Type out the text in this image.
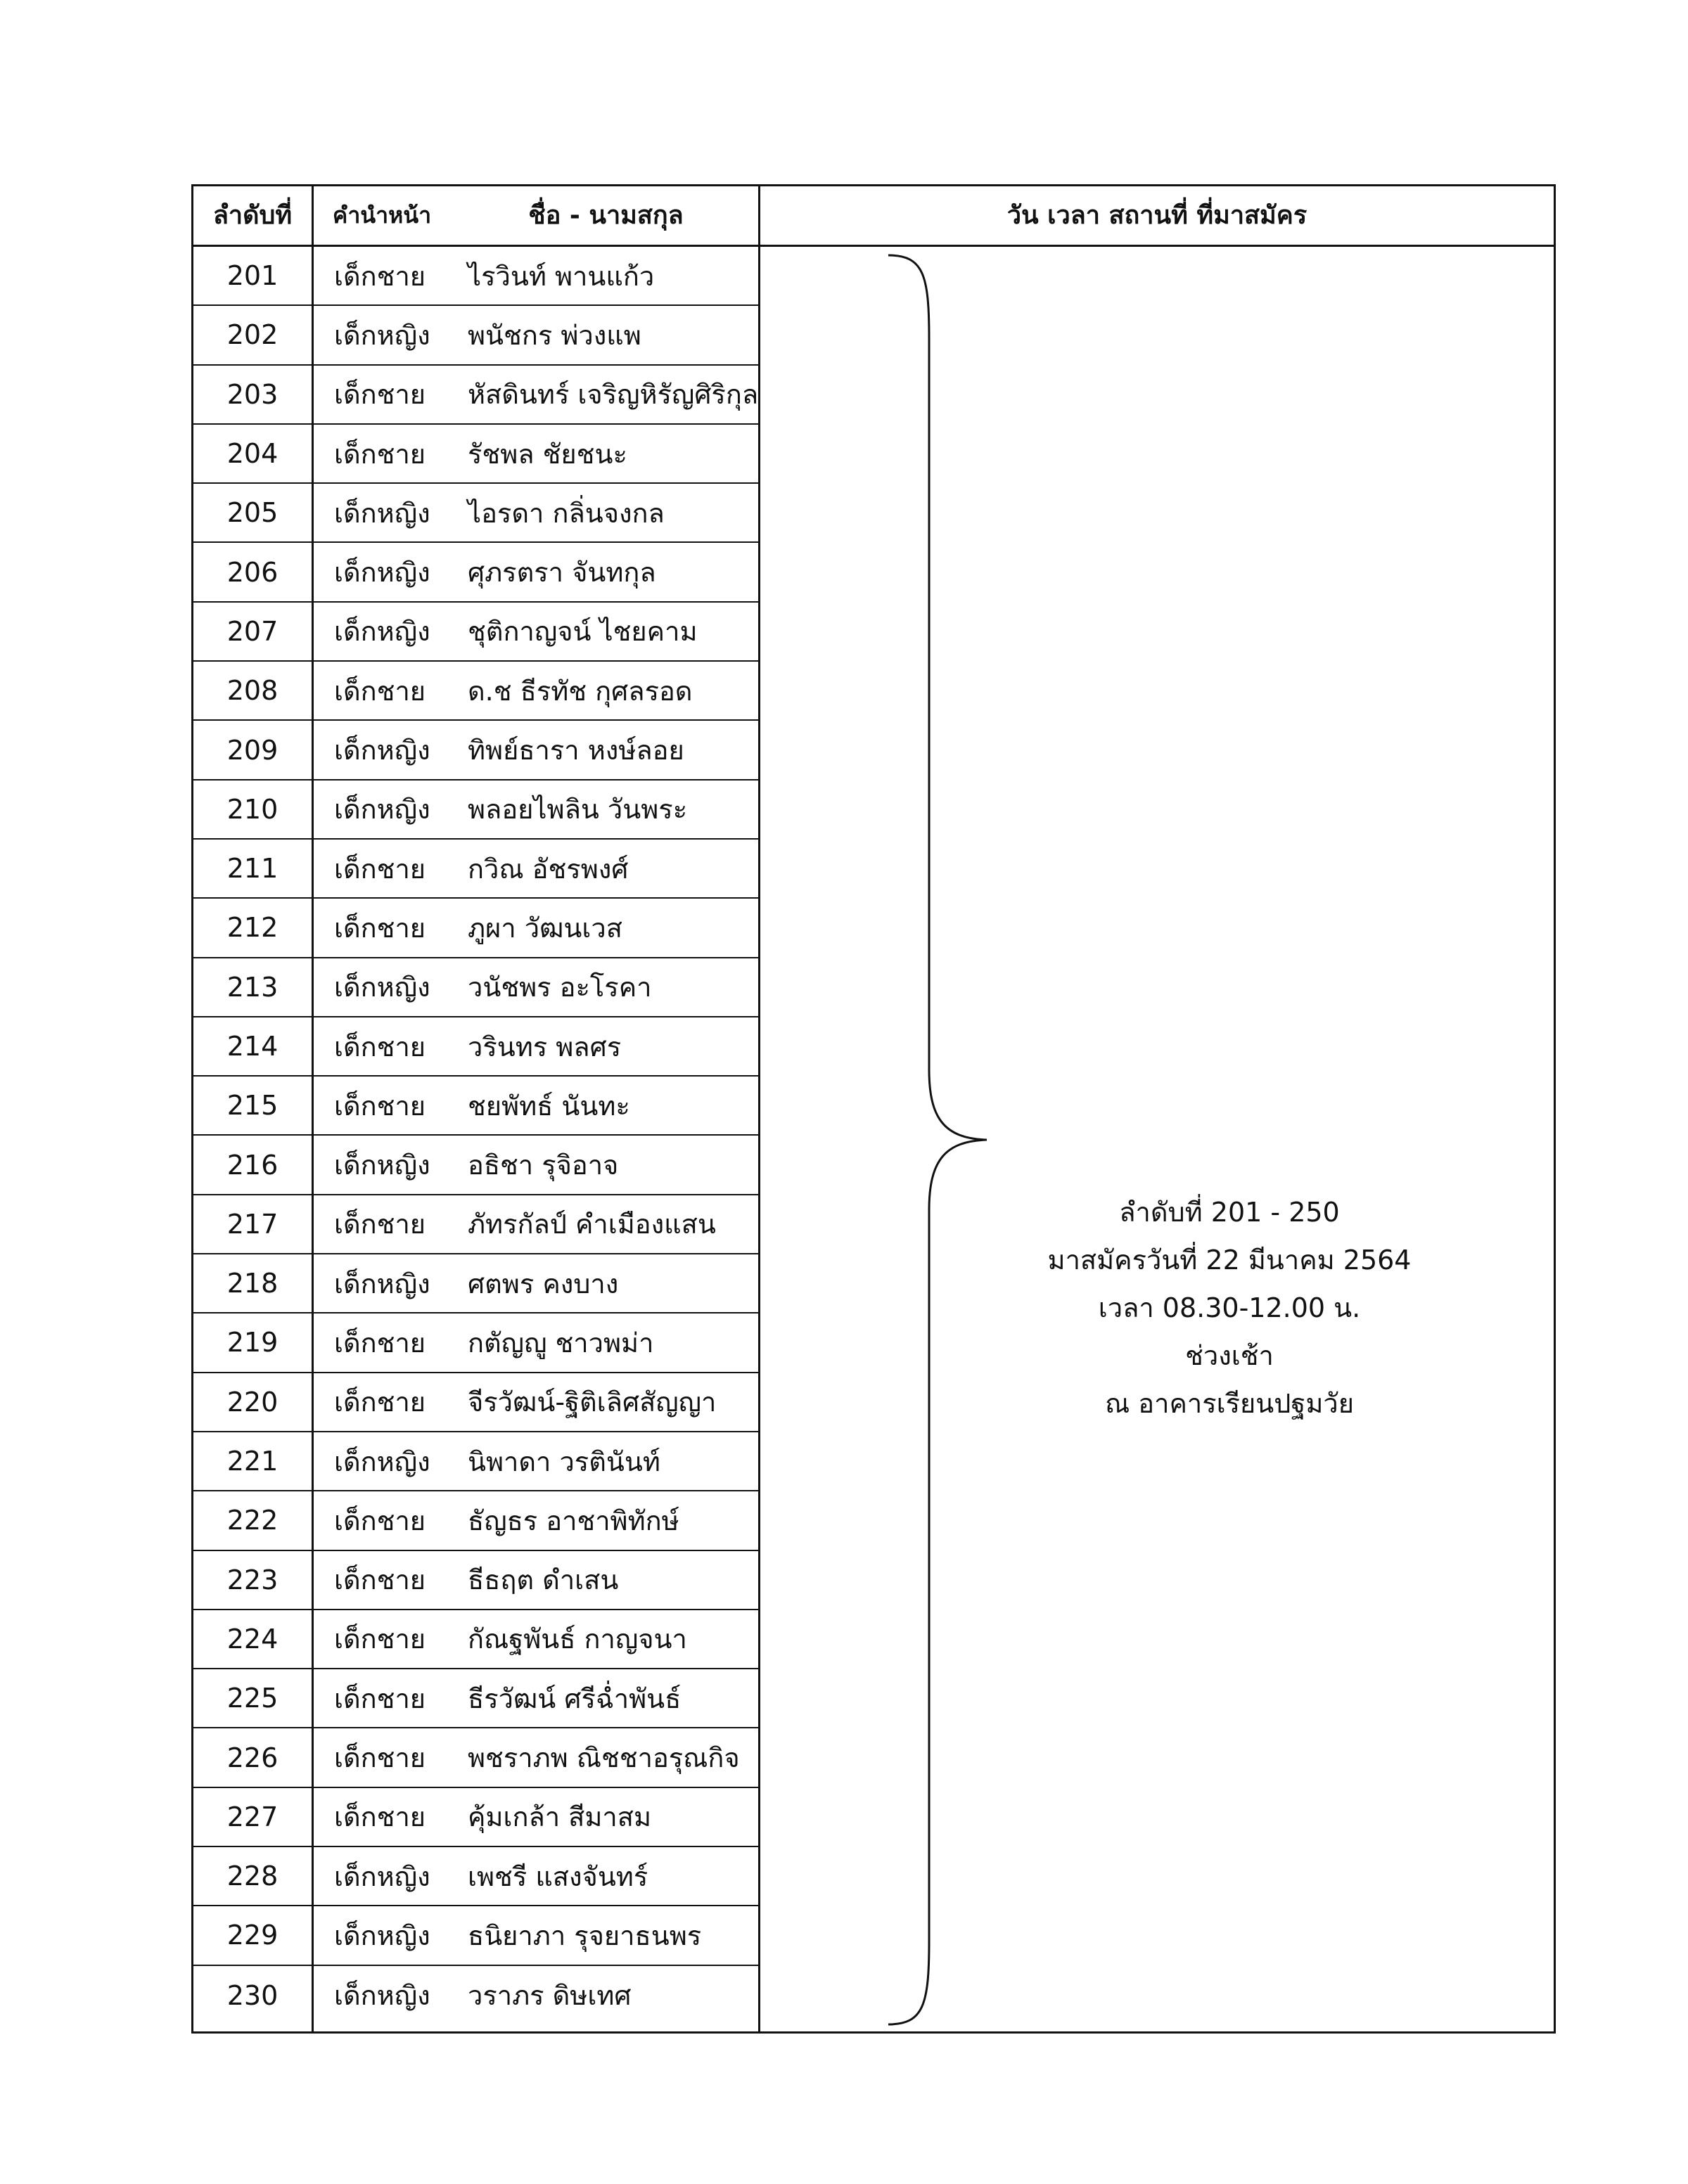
ลำดับที่	คำนำหน้า	ชื่อ - นามสกุล	วัน เวลา สถานที่ ที่มาสมัคร
201	เด็กชาย	ไรวินท์ พานแก้ว
202	เด็กหญิง	พนัชกร พ่วงแพ
203	เด็กชาย	หัสดินทร์ เจริญหิรัญศิริกุล
204	เด็กชาย	รัชพล ชัยชนะ
205	เด็กหญิง	ไอรดา กลิ่นจงกล
206	เด็กหญิง	ศุภรตรา จันทกุล
207	เด็กหญิง	ชุติกาญจน์ ไชยคาม
208	เด็กชาย	ด.ช ธีรทัช กุศลรอด
209	เด็กหญิง	ทิพย์ธารา หงษ์ลอย
210	เด็กหญิง	พลอยไพลิน วันพระ
211	เด็กชาย	กวิณ อัชรพงศ์
212	เด็กชาย	ภูผา วัฒนเวส
213	เด็กหญิง	วนัชพร อะโรคา
214	เด็กชาย	วรินทร พลศร
215	เด็กชาย	ชยพัทธ์ นันทะ
216	เด็กหญิง	อธิชา รุจิอาจ
217	เด็กชาย	ภัทรกัลป์ คำเมืองแสน
218	เด็กหญิง	ศตพร คงบาง
219	เด็กชาย	กตัญญู ชาวพม่า
220	เด็กชาย	จีรวัฒน์-ฐิติเลิศสัญญา
221	เด็กหญิง	นิพาดา วรตินันท์
222	เด็กชาย	ธัญธร อาชาพิทักษ์
223	เด็กชาย	ธีธฤต ดำเสน
224	เด็กชาย	กัณฐพันธ์ กาญจนา
225	เด็กชาย	ธีรวัฒน์ ศรีฉ่ำพันธ์
226	เด็กชาย	พชราภพ ณิชชาอรุณกิจ
227	เด็กชาย	คุ้มเกล้า สีมาสม
228	เด็กหญิง	เพชรี แสงจันทร์
229	เด็กหญิง	ธนิยาภา รุจยาธนพร
230	เด็กหญิง	วราภร ดิษเทศ
ลำดับที่ 201 - 250
มาสมัครวันที่ 22 มีนาคม 2564
เวลา 08.30-12.00 น.
ช่วงเช้า
ณ อาคารเรียนปฐมวัย
